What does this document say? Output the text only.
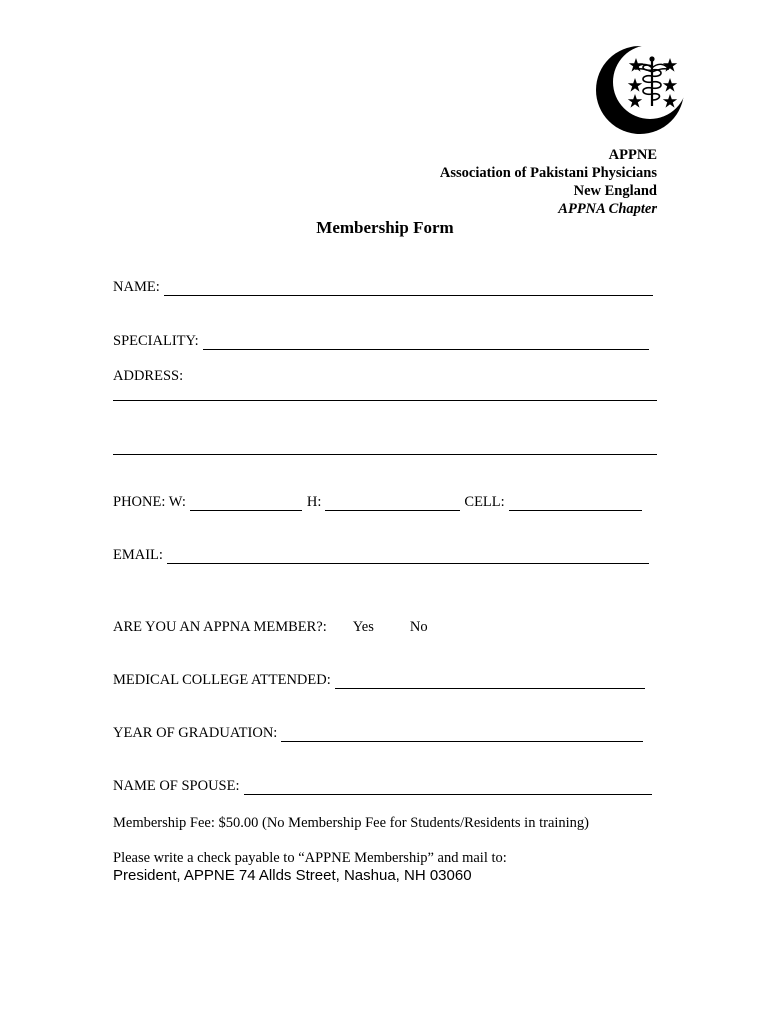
APPNE
Association of Pakistani Physicians
New England
APPNA Chapter
Membership Form
NAME:
SPECIALITY:
ADDRESS:
PHONE: W:	H:	CELL:
EMAIL:
ARE YOU AN APPNA MEMBER?: Yes No
MEDICAL COLLEGE ATTENDED:
YEAR OF GRADUATION:
NAME OF SPOUSE:
Membership Fee: $50.00 (No Membership Fee for Students/Residents in training)
Please write a check payable to “APPNE Membership” and mail to:
President, APPNE 74 Allds Street, Nashua, NH 03060
